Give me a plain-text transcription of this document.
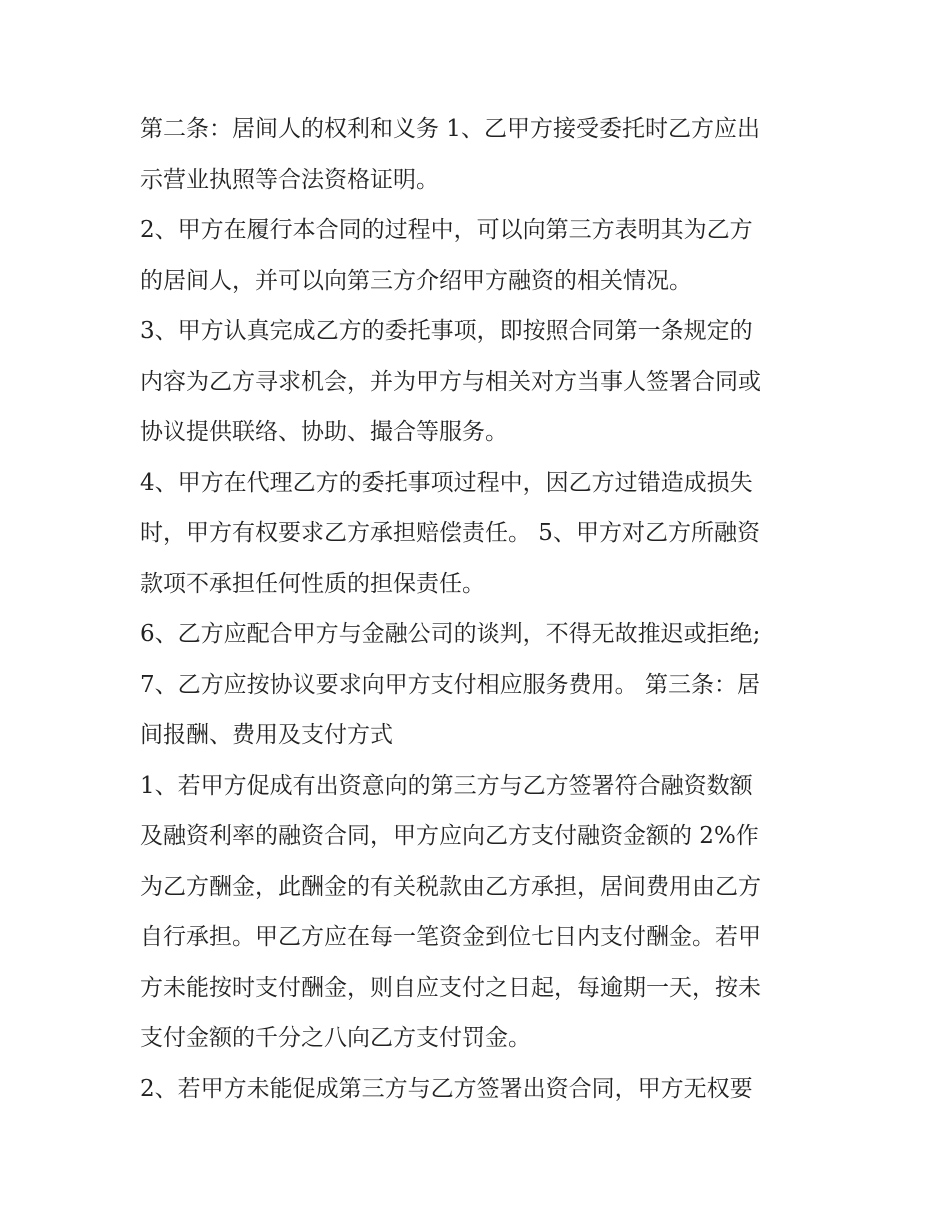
第二条：居间人的权利和义务 1、乙甲方接受委托时乙方应出

示营业执照等合法资格证明。

2、甲方在履行本合同的过程中，可以向第三方表明其为乙方

的居间人，并可以向第三方介绍甲方融资的相关情况。

3、甲方认真完成乙方的委托事项，即按照合同第一条规定的

内容为乙方寻求机会，并为甲方与相关对方当事人签署合同或

协议提供联络、协助、撮合等服务。

4、甲方在代理乙方的委托事项过程中，因乙方过错造成损失

时，甲方有权要求乙方承担赔偿责任。 5、甲方对乙方所融资

款项不承担任何性质的担保责任。

6、乙方应配合甲方与金融公司的谈判，不得无故推迟或拒绝;

7、乙方应按协议要求向甲方支付相应服务费用。 第三条：居

间报酬、费用及支付方式

1、若甲方促成有出资意向的第三方与乙方签署符合融资数额

及融资利率的融资合同，甲方应向乙方支付融资金额的 2%作

为乙方酬金，此酬金的有关税款由乙方承担，居间费用由乙方

自行承担。甲乙方应在每一笔资金到位七日内支付酬金。若甲

方未能按时支付酬金，则自应支付之日起，每逾期一天，按未

支付金额的千分之八向乙方支付罚金。

2、若甲方未能促成第三方与乙方签署出资合同，甲方无权要
